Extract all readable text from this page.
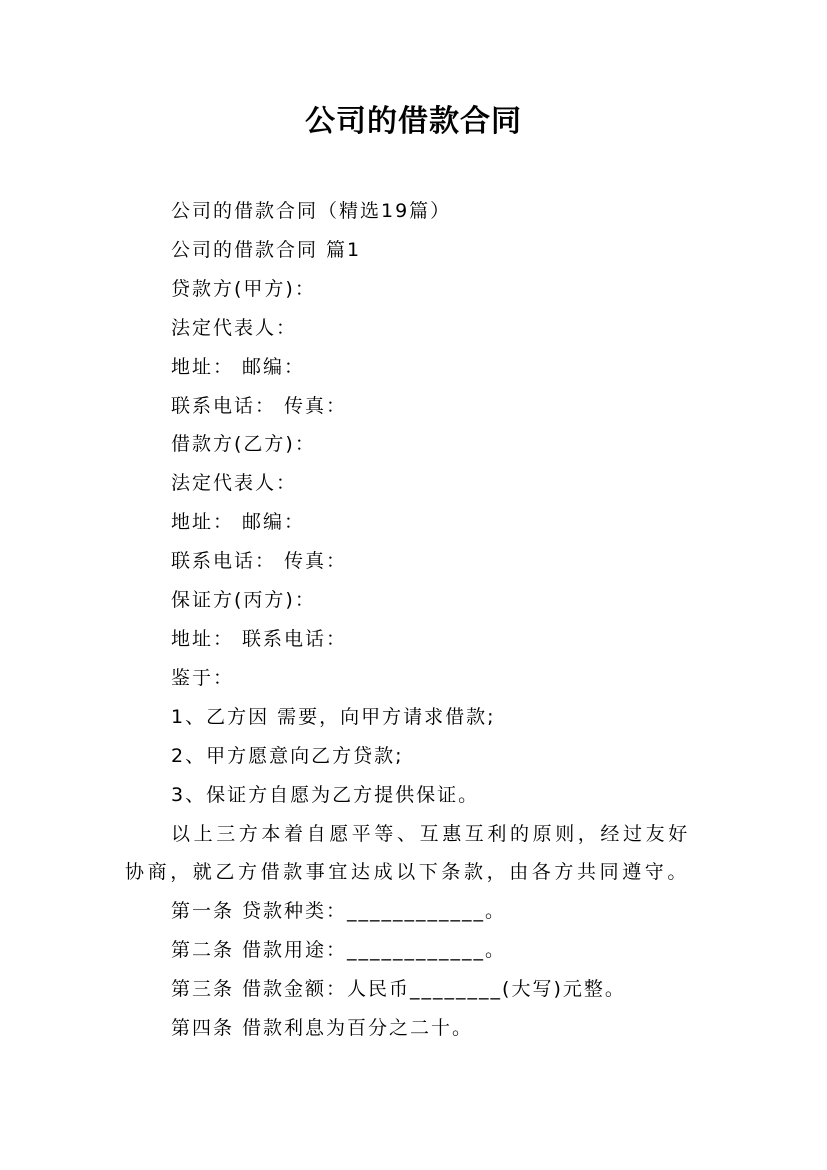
公司的借款合同

公司的借款合同（精选19篇）

公司的借款合同 篇1

贷款方(甲方)：

法定代表人：

地址： 邮编：

联系电话： 传真：

借款方(乙方)：

法定代表人：

地址： 邮编：

联系电话： 传真：

保证方(丙方)：

地址： 联系电话：

鉴于：

1、乙方因 需要，向甲方请求借款;

2、甲方愿意向乙方贷款;

3、保证方自愿为乙方提供保证。

以上三方本着自愿平等、互惠互利的原则，经过友好协商，就乙方借款事宜达成以下条款，由各方共同遵守。

第一条 贷款种类：____________。

第二条 借款用途：____________。

第三条 借款金额：人民币________(大写)元整。

第四条 借款利息为百分之二十。
